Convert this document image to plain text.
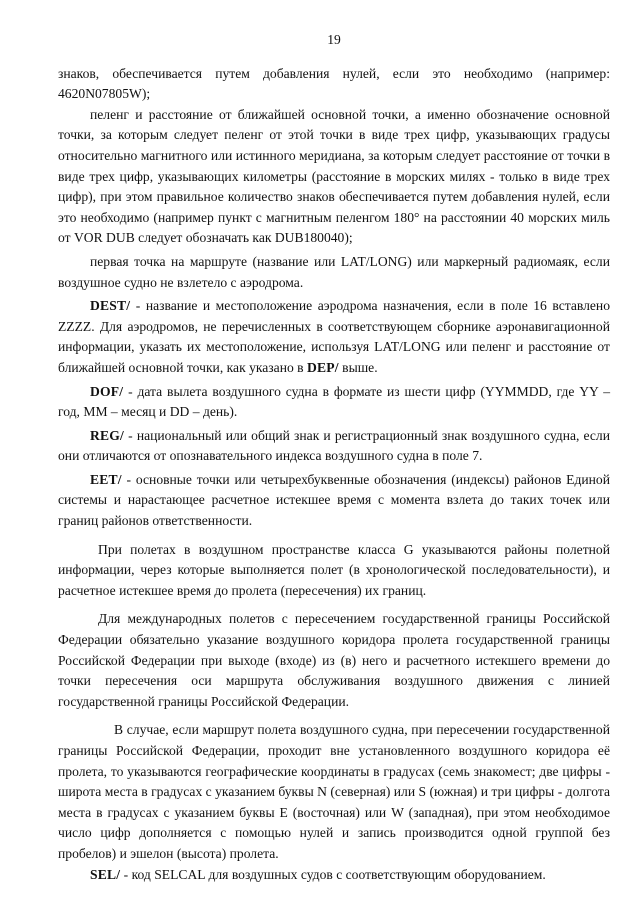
19

знаков, обеспечивается путем добавления нулей, если это необходимо (например: 4620N07805W);

пеленг и расстояние от ближайшей основной точки, а именно обозначение основной точки, за которым следует пеленг от этой точки в виде трех цифр, указывающих градусы относительно магнитного или истинного меридиана, за которым следует расстояние от точки в виде трех цифр, указывающих километры (расстояние в морских милях - только в виде трех цифр), при этом правильное количество знаков обеспечивается путем добавления нулей, если это необходимо (например пункт с магнитным пеленгом 180° на расстоянии 40 морских миль от VOR DUB следует обозначать как DUB180040);

первая точка на маршруте (название или LAT/LONG) или маркерный радиомаяк, если воздушное судно не взлетело с аэродрома.

DEST/ - название и местоположение аэродрома назначения, если в поле 16 вставлено ZZZZ. Для аэродромов, не перечисленных в соответствующем сборнике аэронавигационной информации, указать их местоположение, используя LAT/LONG или пеленг и расстояние от ближайшей основной точки, как указано в DEP/ выше.

DOF/ - дата вылета воздушного судна в формате из шести цифр (YYMMDD, где YY – год, MM – месяц и DD – день).

REG/ - национальный или общий знак и регистрационный знак воздушного судна, если они отличаются от опознавательного индекса воздушного судна в поле 7.

EET/ - основные точки или четырехбуквенные обозначения (индексы) районов Единой системы и нарастающее расчетное истекшее время с момента взлета до таких точек или границ районов ответственности.

При полетах в воздушном пространстве класса G указываются районы полетной информации, через которые выполняется полет (в хронологической последовательности), и расчетное истекшее время до пролета (пересечения) их границ.

Для международных полетов с пересечением государственной границы Российской Федерации обязательно указание воздушного коридора пролета государственной границы Российской Федерации при выходе (входе) из (в) него и расчетного истекшего времени до точки пересечения оси маршрута обслуживания воздушного движения с линией государственной границы Российской Федерации.

В случае, если маршрут полета воздушного судна, при пересечении государственной границы Российской Федерации, проходит вне установленного воздушного коридора её пролета, то указываются географические координаты в градусах (семь знакомест; две цифры - широта места в градусах с указанием буквы N (северная) или S (южная) и три цифры - долгота места в градусах с указанием буквы E (восточная) или W (западная), при этом необходимое число цифр дополняется с помощью нулей и запись производится одной группой без пробелов) и эшелон (высота) пролета.

SEL/ - код SELCAL для воздушных судов с соответствующим оборудованием.
